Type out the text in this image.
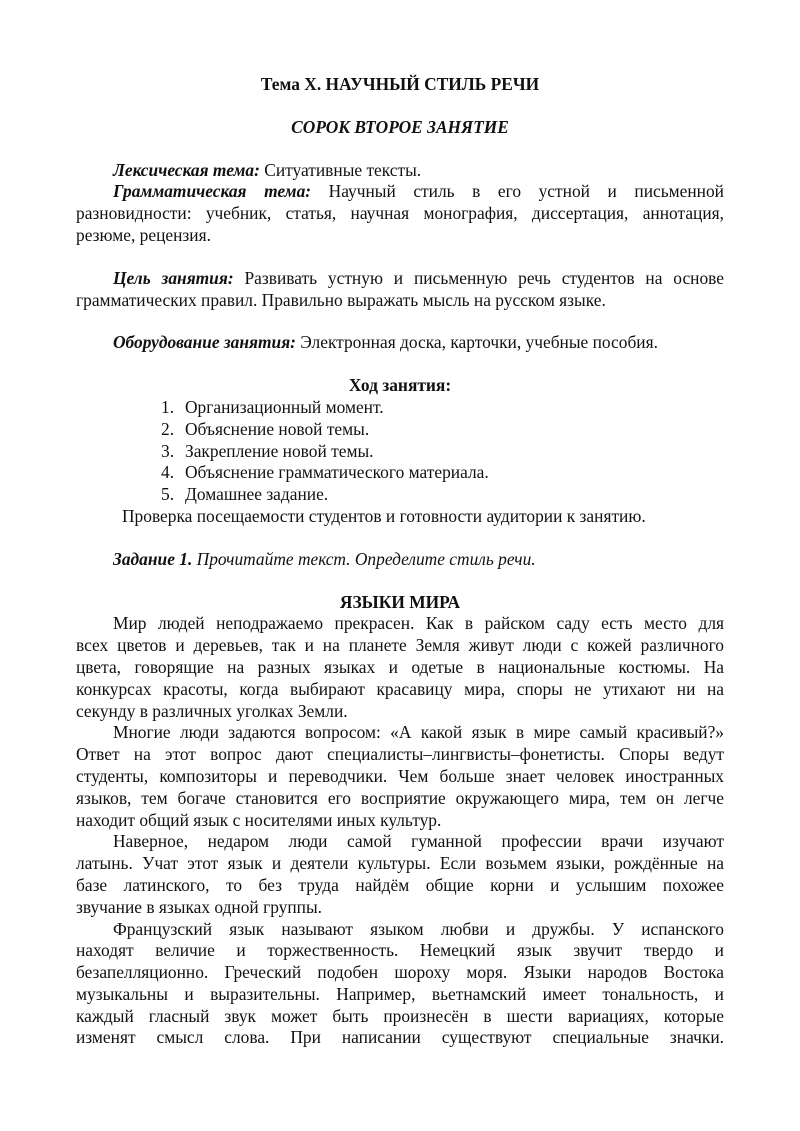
Тема Х. НАУЧНЫЙ СТИЛЬ РЕЧИ

СОРОК ВТОРОЕ ЗАНЯТИЕ

Лексическая тема: Ситуативные тексты.

Грамматическая тема: Научный стиль в его устной и письменной

разновидности: учебник, статья, научная монография, диссертация, аннотация,

резюме, рецензия.

Цель занятия: Развивать устную и письменную речь студентов на основе

грамматических правил. Правильно выражать мысль на русском языке.

Оборудование занятия: Электронная доска, карточки, учебные пособия.

Ход занятия:

1. Организационный момент.
2. Объяснение новой темы.
3. Закрепление новой темы.
4. Объяснение грамматического материала.
5. Домашнее задание.

Проверка посещаемости студентов и готовности аудитории к занятию.

Задание 1. Прочитайте текст. Определите стиль речи.

ЯЗЫКИ МИРА

Мир людей неподражаемо прекрасен. Как в райском саду есть место для

всех цветов и деревьев, так и на планете Земля живут люди с кожей различного

цвета, говорящие на разных языках и одетые в национальные костюмы. На

конкурсах красоты, когда выбирают красавицу мира, споры не утихают ни на

секунду в различных уголках Земли.

Многие люди задаются вопросом: «А какой язык в мире самый красивый?»

Ответ на этот вопрос дают специалисты–лингвисты–фонетисты. Споры ведут

студенты, композиторы и переводчики. Чем больше знает человек иностранных

языков, тем богаче становится его восприятие окружающего мира, тем он легче

находит общий язык с носителями иных культур.

Наверное, недаром люди самой гуманной профессии врачи изучают

латынь. Учат этот язык и деятели культуры. Если возьмем языки, рождённые на

базе латинского, то без труда найдём общие корни и услышим похожее

звучание в языках одной группы.

Французский язык называют языком любви и дружбы. У испанского

находят величие и торжественность. Немецкий язык звучит твердо и

безапелляционно. Греческий подобен шороху моря. Языки народов Востока

музыкальны и выразительны. Например, вьетнамский имеет тональность, и

каждый гласный звук может быть произнесён в шести вариациях, которые

изменят смысл слова. При написании существуют специальные значки.
